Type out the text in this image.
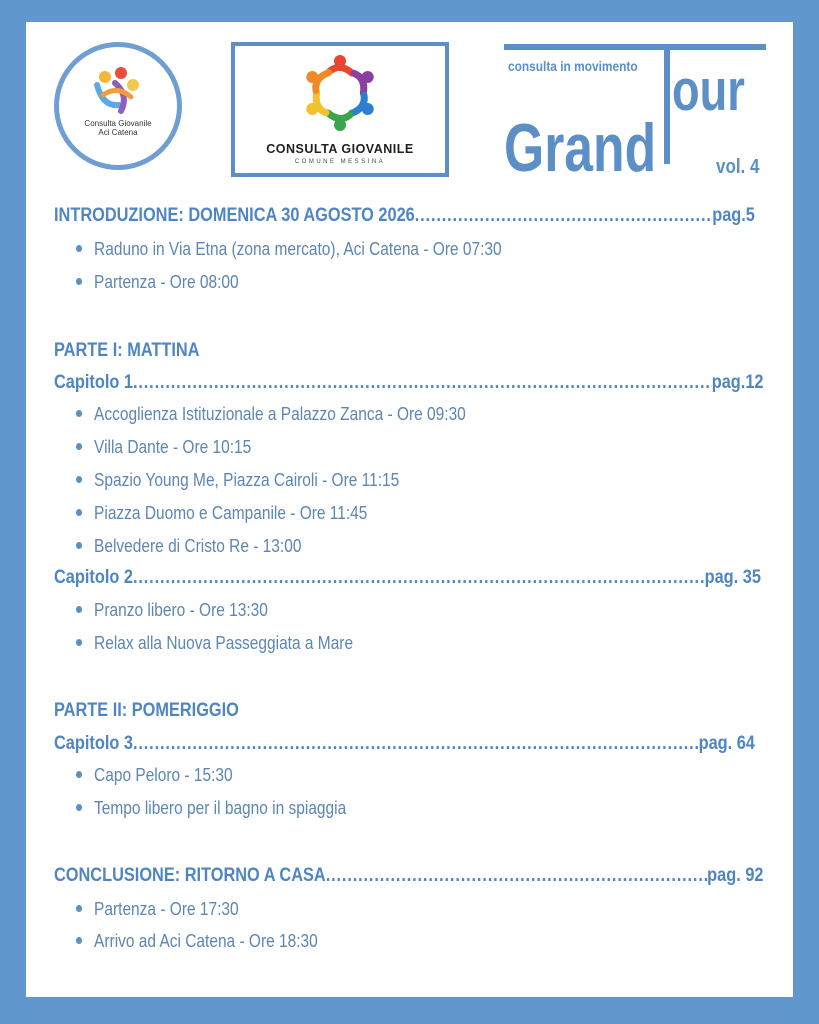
Consulta Giovanile
Aci Catena
CONSULTA GIOVANILE
COMUNE MESSINA
consulta in movimento our
Grand	vol. 4
INTRODUZIONE: DOMENICA 30 AGOSTO 2026 .....	pag.5
Raduno in Via Etna (zona mercato), Aci Catena - Ore 07:30
Partenza - Ore 08:00
PARTE I: MATTINA
Capitolo 1 .....	pag.12
Accoglienza Istituzionale a Palazzo Zanca - Ore 09:30
Villa Dante - Ore 10:15
Spazio Young Me, Piazza Cairoli - Ore 11:15
Piazza Duomo e Campanile - Ore 11:45
Belvedere di Cristo Re - 13:00
Capitolo 2 .....	pag. 35
Pranzo libero - Ore 13:30
Relax alla Nuova Passeggiata a Mare
PARTE II: POMERIGGIO
Capitolo 3 .....	pag. 64
Capo Peloro - 15:30
Tempo libero per il bagno in spiaggia
CONCLUSIONE: RITORNO A CASA .....	pag. 92
Partenza - Ore 17:30
Arrivo ad Aci Catena - Ore 18:30
